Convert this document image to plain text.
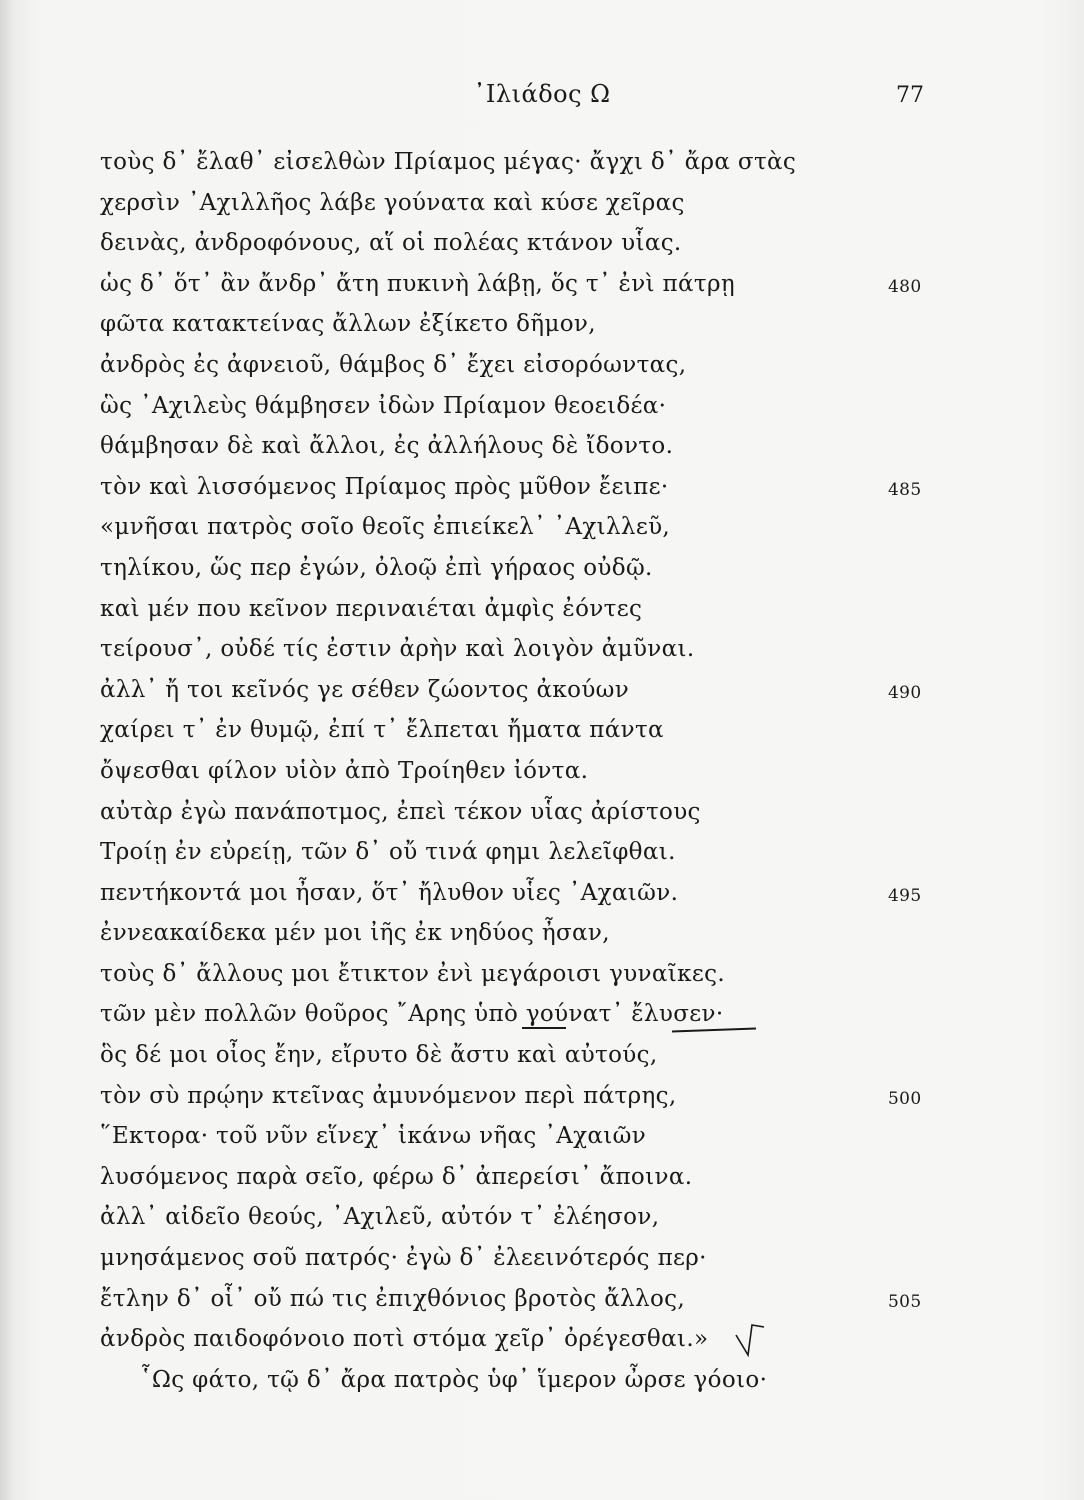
᾽Ιλιάδος Ω	77
τοὺς δ᾽ ἔλαθ᾽ εἰσελθὼν Πρίαμος μέγας· ἄγχι δ᾽ ἄρα στὰς
χερσὶν ᾽Αχιλλῆος λάβε γούνατα καὶ κύσε χεῖρας
δεινὰς, ἀνδροφόνους, αἵ οἱ πολέας κτάνον υἷας.
ὡς δ᾽ ὅτ᾽ ἂν ἄνδρ᾽ ἄτη πυκινὴ λάβῃ, ὅς τ᾽ ἐνὶ πάτρῃ	480
φῶτα κατακτείνας ἄλλων ἐξίκετο δῆμον,
ἀνδρὸς ἐς ἀφνειοῦ, θάμβος δ᾽ ἔχει εἰσορόωντας,
ὣς ᾽Αχιλεὺς θάμβησεν ἰδὼν Πρίαμον θεοειδέα·
θάμβησαν δὲ καὶ ἄλλοι, ἐς ἀλλήλους δὲ ἴδοντο.
τὸν καὶ λισσόμενος Πρίαμος πρὸς μῦθον ἔειπε·	485
«μνῆσαι πατρὸς σοῖο θεοῖς ἐπιείκελ᾽ ᾽Αχιλλεῦ,
τηλίκου, ὥς περ ἐγών, ὀλοῷ ἐπὶ γήραος οὐδῷ.
καὶ μέν που κεῖνον περιναιέται ἀμφὶς ἐόντες
τείρουσ᾽, οὐδέ τίς ἐστιν ἀρὴν καὶ λοιγὸν ἀμῦναι.
ἀλλ᾽ ἤ τοι κεῖνός γε σέθεν ζώοντος ἀκούων	490
χαίρει τ᾽ ἐν θυμῷ, ἐπί τ᾽ ἔλπεται ἤματα πάντα
ὄψεσθαι φίλον υἱὸν ἀπὸ Τροίηθεν ἰόντα.
αὐτὰρ ἐγὼ πανάποτμος, ἐπεὶ τέκον υἷας ἀρίστους
Τροίῃ ἐν εὐρείῃ, τῶν δ᾽ οὔ τινά φημι λελεῖφθαι.
πεντήκοντά μοι ἦσαν, ὅτ᾽ ἤλυθον υἷες ᾽Αχαιῶν.	495
ἐννεακαίδεκα μέν μοι ἰῆς ἐκ νηδύος ἦσαν,
τοὺς δ᾽ ἄλλους μοι ἔτικτον ἐνὶ μεγάροισι γυναῖκες.
τῶν μὲν πολλῶν θοῦρος ῎Αρης ὑπὸ γούνατ᾽ ἔλυσεν·
ὃς δέ μοι οἶος ἔην, εἴρυτο δὲ ἄστυ καὶ αὐτούς,
τὸν σὺ πρῴην κτεῖνας ἀμυνόμενον περὶ πάτρης,	500
῞Εκτορα· τοῦ νῦν εἵνεχ᾽ ἱκάνω νῆας ᾽Αχαιῶν
λυσόμενος παρὰ σεῖο, φέρω δ᾽ ἀπερείσι᾽ ἄποινα.
ἀλλ᾽ αἰδεῖο θεούς, ᾽Αχιλεῦ, αὐτόν τ᾽ ἐλέησον,
μνησάμενος σοῦ πατρός· ἐγὼ δ᾽ ἐλεεινότερός περ·
ἔτλην δ᾽ οἷ᾽ οὔ πώ τις ἐπιχθόνιος βροτὸς ἄλλος,	505
ἀνδρὸς παιδοφόνοιο ποτὶ στόμα χεῖρ᾽ ὀρέγεσθαι.»
῟Ως φάτο, τῷ δ᾽ ἄρα πατρὸς ὑφ᾽ ἵμερον ὦρσε γόοιο·
